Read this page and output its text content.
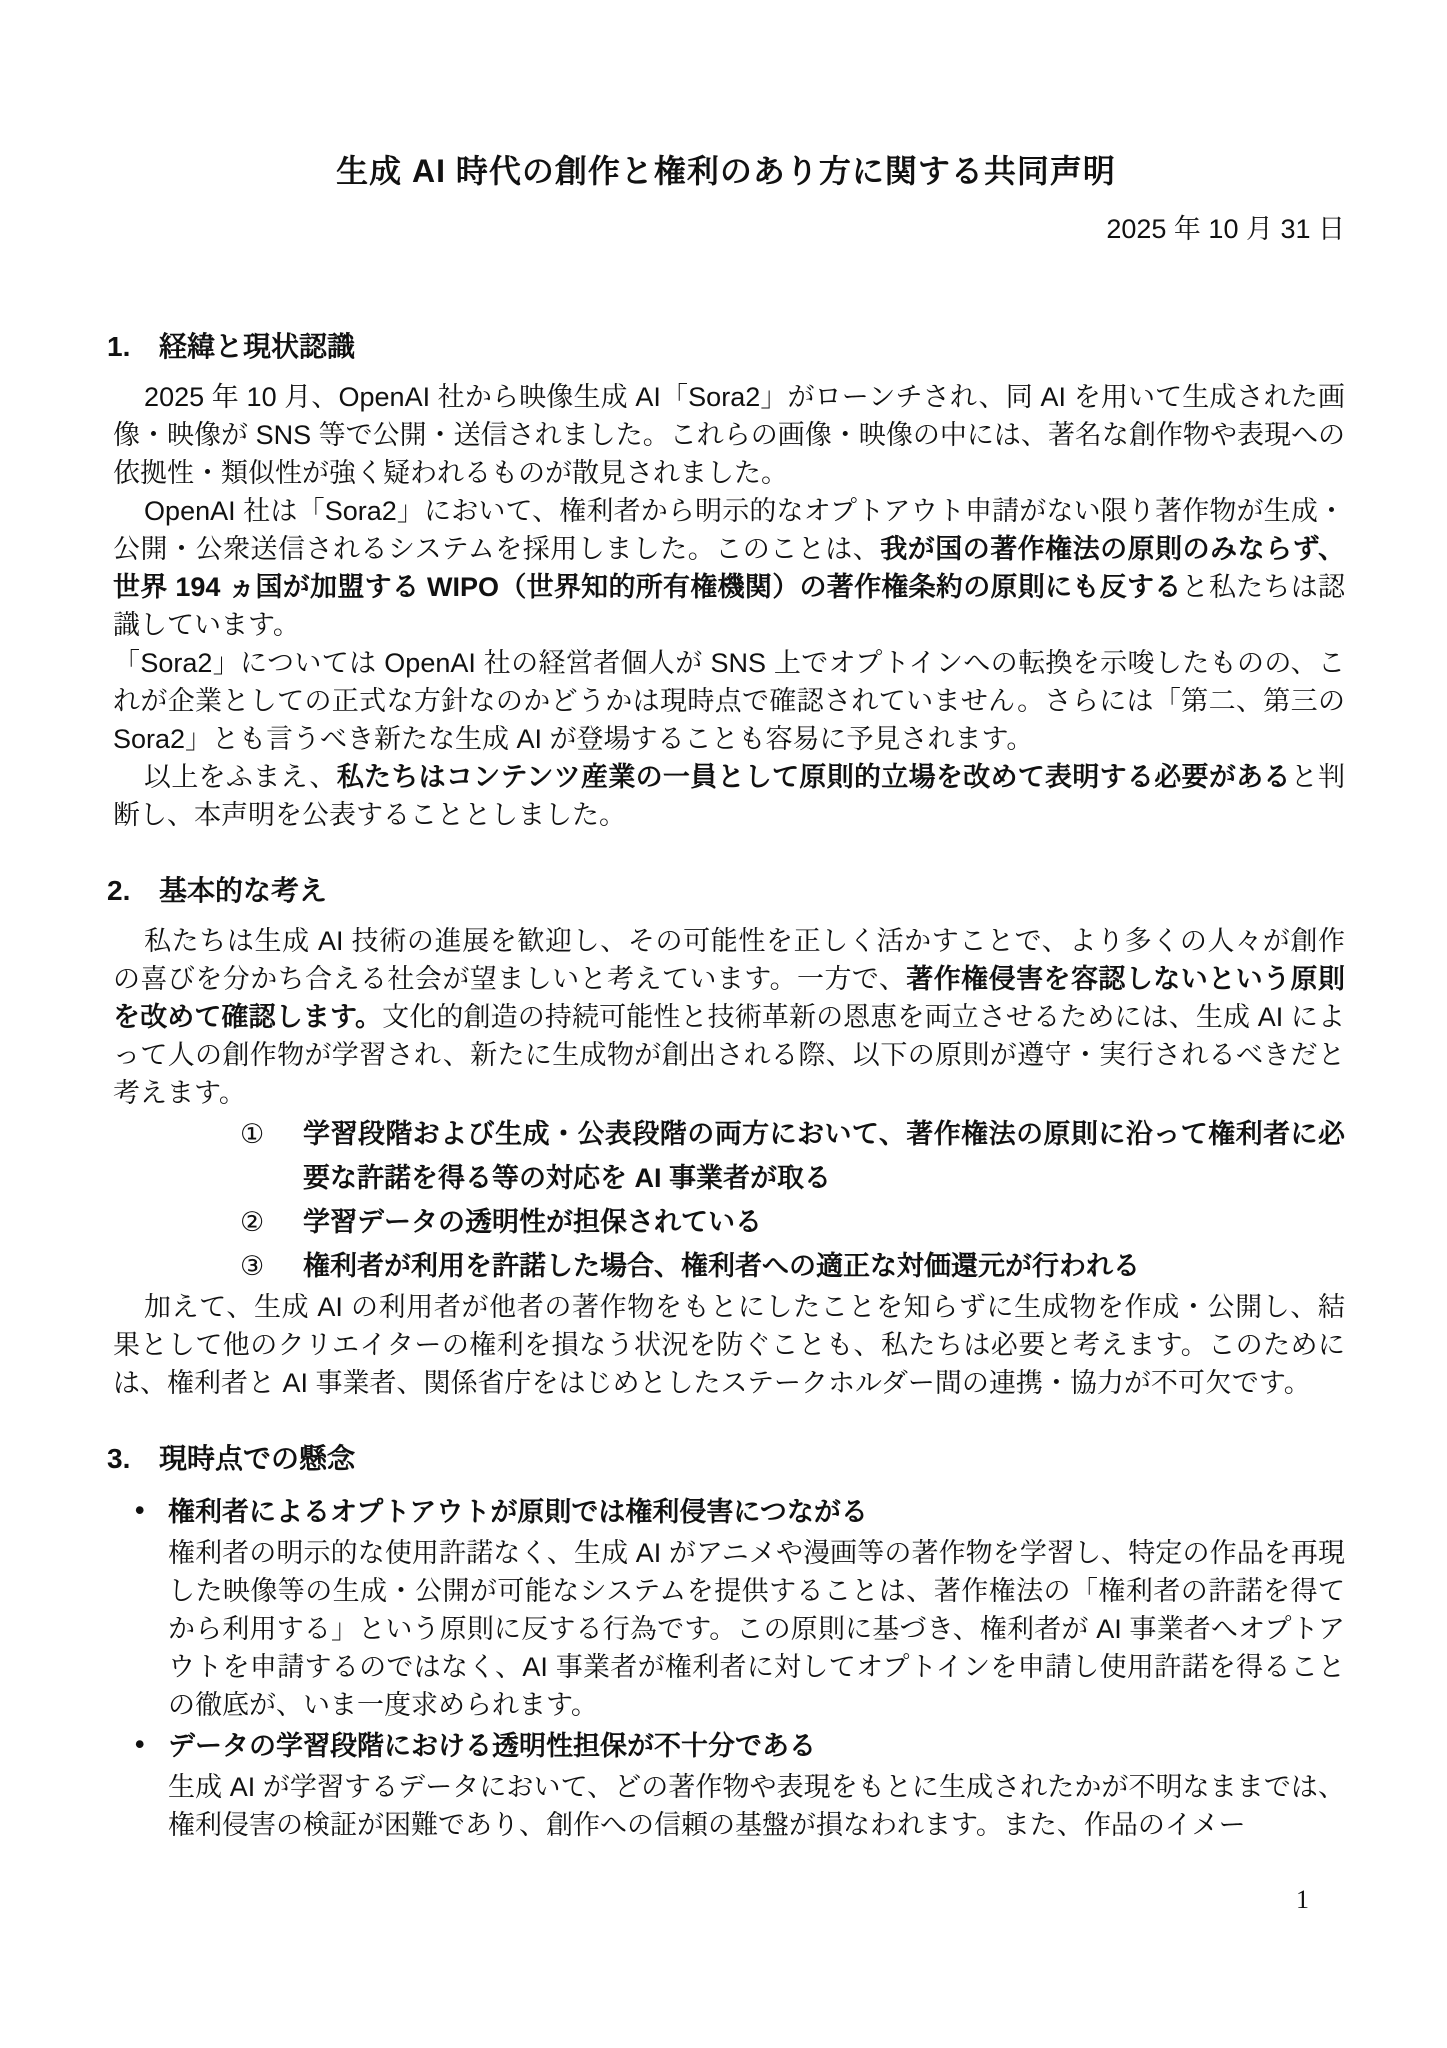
生成 AI 時代の創作と権利のあり方に関する共同声明
2025 年 10 月 31 日
1. 経緯と現状認識

2025 年 10 月、OpenAI 社から映像生成 AI「Sora2」がローンチされ、同 AI を用いて生成された画像・映像が SNS 等で公開・送信されました。これらの画像・映像の中には、著名な創作物や表現への依拠性・類似性が強く疑われるものが散見されました。

OpenAI 社は「Sora2」において、権利者から明示的なオプトアウト申請がない限り著作物が生成・公開・公衆送信されるシステムを採用しました。このことは、我が国の著作権法の原則のみならず、世界 194 ヵ国が加盟する WIPO（世界知的所有権機関）の著作権条約の原則にも反すると私たちは認識しています。

「Sora2」については OpenAI 社の経営者個人が SNS 上でオプトインへの転換を示唆したものの、これが企業としての正式な方針なのかどうかは現時点で確認されていません。さらには「第二、第三の Sora2」とも言うべき新たな生成 AI が登場することも容易に予見されます。

以上をふまえ、私たちはコンテンツ産業の一員として原則的立場を改めて表明する必要があると判断し、本声明を公表することとしました。

2. 基本的な考え

私たちは生成 AI 技術の進展を歓迎し、その可能性を正しく活かすことで、より多くの人々が創作の喜びを分かち合える社会が望ましいと考えています。一方で、著作権侵害を容認しないという原則を改めて確認します。文化的創造の持続可能性と技術革新の恩恵を両立させるためには、生成 AI によって人の創作物が学習され、新たに生成物が創出される際、以下の原則が遵守・実行されるべきだと考えます。

① 学習段階および生成・公表段階の両方において、著作権法の原則に沿って権利者に必要な許諾を得る等の対応を AI 事業者が取る
② 学習データの透明性が担保されている
③ 権利者が利用を許諾した場合、権利者への適正な対価還元が行われる

加えて、生成 AI の利用者が他者の著作物をもとにしたことを知らずに生成物を作成・公開し、結果として他のクリエイターの権利を損なう状況を防ぐことも、私たちは必要と考えます。このためには、権利者と AI 事業者、関係省庁をはじめとしたステークホルダー間の連携・協力が不可欠です。

3. 現時点での懸念
• 権利者によるオプトアウトが原則では権利侵害につながる

権利者の明示的な使用許諾なく、生成 AI がアニメや漫画等の著作物を学習し、特定の作品を再現した映像等の生成・公開が可能なシステムを提供することは、著作権法の「権利者の許諾を得てから利用する」という原則に反する行為です。この原則に基づき、権利者が AI 事業者へオプトアウトを申請するのではなく、AI 事業者が権利者に対してオプトインを申請し使用許諾を得ることの徹底が、いま一度求められます。

• データの学習段階における透明性担保が不十分である

生成 AI が学習するデータにおいて、どの著作物や表現をもとに生成されたかが不明なままでは、権利侵害の検証が困難であり、創作への信頼の基盤が損なわれます。また、作品のイメー

1
